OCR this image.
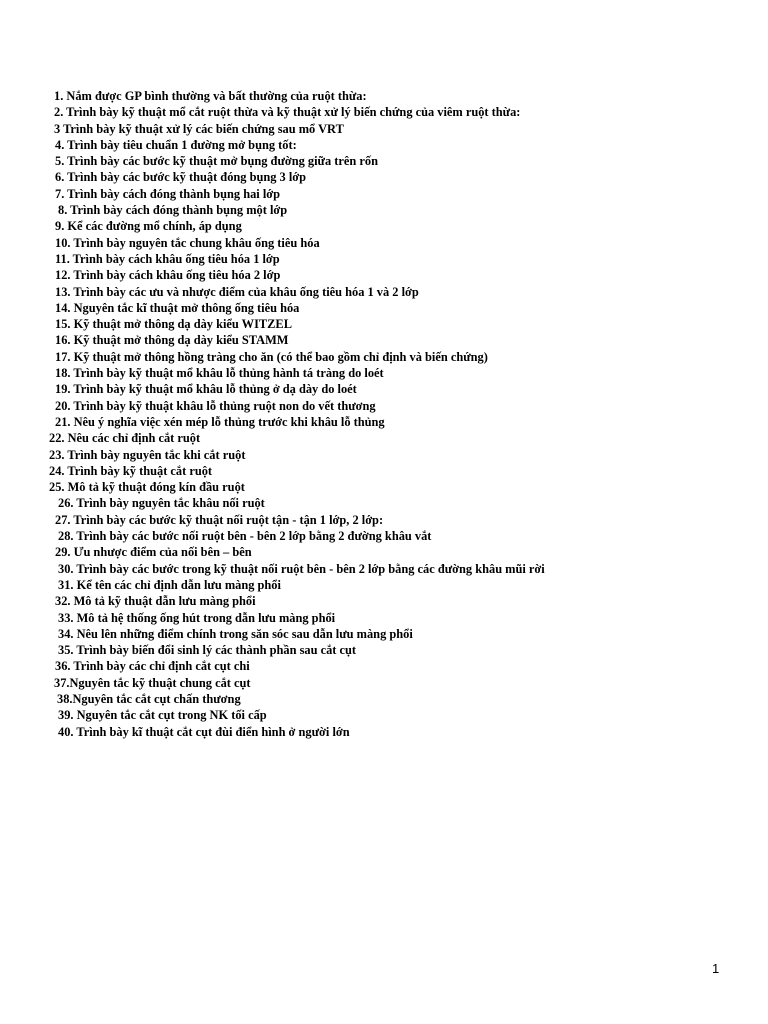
1. Nắm được GP bình thường và bất thường của ruột thừa:
2. Trình bày kỹ thuật mổ cắt ruột thừa và kỹ thuật xử lý biến chứng của viêm ruột thừa:
3 Trình bày kỹ thuật xử lý các biến chứng sau mổ VRT
4. Trình bày tiêu chuẩn 1 đường mở bụng tốt:
5. Trình bày các bước kỹ thuật mở bụng đường giữa trên rốn
6. Trình bày các bước kỹ thuật đóng bụng 3 lớp
7. Trình bày cách đóng thành bụng hai lớp
8. Trình bày cách đóng thành bụng một lớp
9. Kể các đường mổ chính, áp dụng
10. Trình bày nguyên tắc chung khâu ống tiêu hóa
11. Trình bày cách khâu ống tiêu hóa 1 lớp
12. Trình bày cách khâu ống tiêu hóa 2 lớp
13. Trình bày các ưu và nhược điểm của khâu ống tiêu hóa 1 và 2 lớp
14. Nguyên tắc kĩ thuật mở thông ống tiêu hóa
15. Kỹ thuật mở thông dạ dày kiểu WITZEL
16. Kỹ thuật mở thông dạ dày kiểu STAMM
17. Kỹ thuật mở thông hồng tràng cho ăn (có thể bao gồm chỉ định và biến chứng)
18. Trình bày kỹ thuật mổ khâu lỗ thủng hành tá tràng do loét
19. Trình bày kỹ thuật mổ khâu lỗ thủng ở dạ dày do loét
20. Trình bày kỹ thuật khâu lỗ thủng ruột non do vết thương
21. Nêu ý nghĩa việc xén mép lỗ thủng trước khi khâu lỗ thủng
22. Nêu các chỉ định cắt ruột
23. Trình bày nguyên tắc khi cắt ruột
24. Trình bày kỹ thuật cắt ruột
25. Mô tả kỹ thuật đóng kín đầu ruột
26. Trình bày nguyên tắc khâu nối ruột
27. Trình bày các bước kỹ thuật nối ruột tận - tận 1 lớp, 2 lớp:
28. Trình bày các bước nối ruột bên - bên 2 lớp bằng 2 đường khâu vắt
29. Ưu nhược điểm của nối bên – bên
30. Trình bày các bước trong kỹ thuật nối ruột bên - bên 2 lớp bằng các đường khâu mũi rời
31. Kể tên các chỉ định dẫn lưu màng phổi
32. Mô tả kỹ thuật dẫn lưu màng phổi
33. Mô tả hệ thống ống hút trong dẫn lưu màng phổi
34. Nêu lên những điểm chính trong săn sóc sau dẫn lưu màng phổi
35. Trình bày biến đổi sinh lý các thành phần sau cắt cụt
36. Trình bày các chỉ định cắt cụt chi
37.Nguyên tắc kỹ thuật chung cắt cụt
38.Nguyên tắc cắt cụt chấn thương
39. Nguyên tắc cắt cụt trong NK tối cấp
40. Trình bày kĩ thuật cắt cụt đùi điển hình ở người lớn
1
